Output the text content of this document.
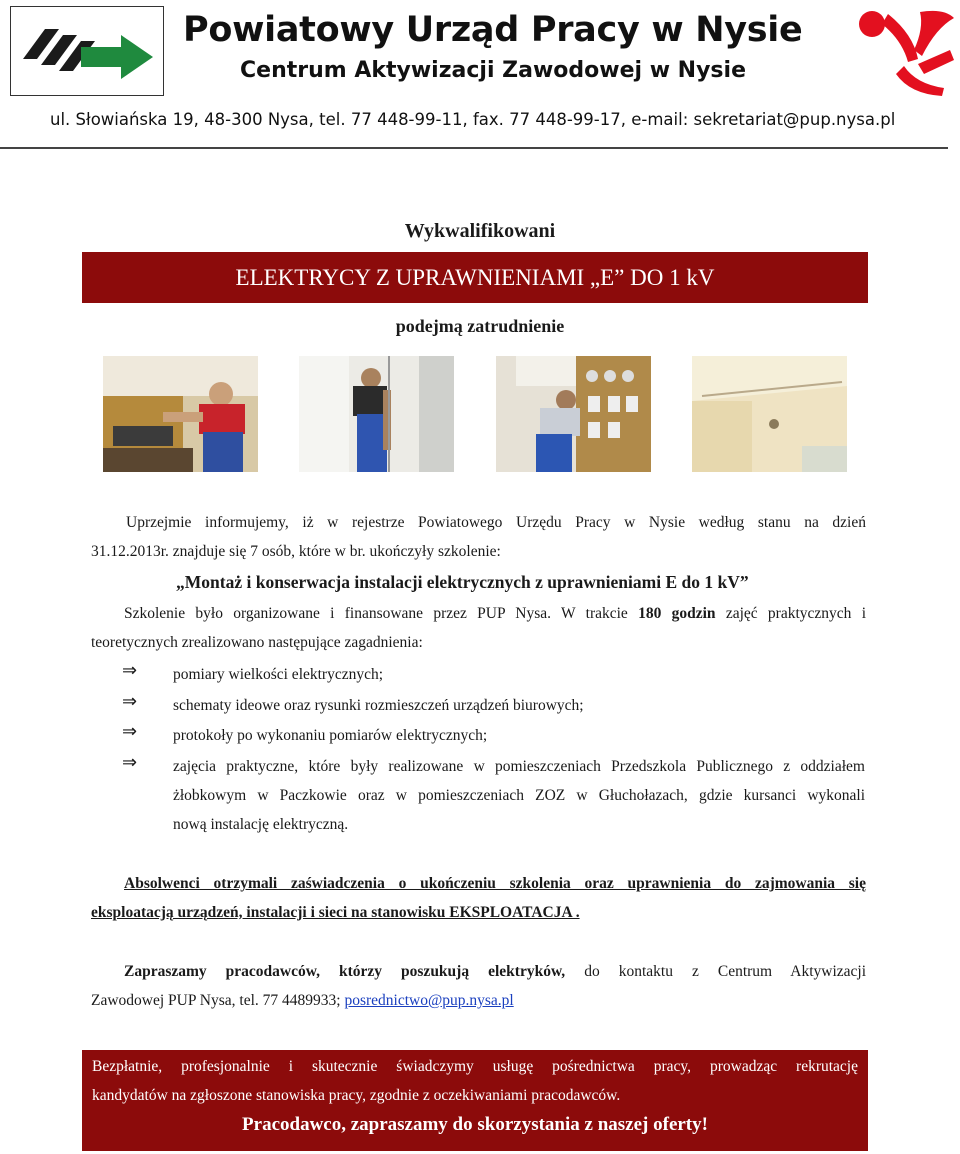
Powiatowy Urząd Pracy w Nysie
Centrum Aktywizacji Zawodowej w Nysie
ul. Słowiańska 19, 48-300 Nysa, tel. 77 448-99-11, fax. 77 448-99-17, e-mail: sekretariat@pup.nysa.pl
Wykwalifikowani
ELEKTRYCY Z UPRAWNIENIAMI „E” DO 1 kV
podejmą zatrudnienie
Uprzejmie informujemy, iż w rejestrze Powiatowego Urzędu Pracy w Nysie według stanu na dzień
31.12.2013r. znajduje się 7 osób, które w br. ukończyły szkolenie:
„Montaż i konserwacja instalacji elektrycznych z uprawnieniami E do 1 kV”
Szkolenie było organizowane i finansowane przez PUP Nysa. W trakcie 180 godzin zajęć praktycznych i
teoretycznych zrealizowano następujące zagadnienia:
⇒ pomiary wielkości elektrycznych;
⇒ schematy ideowe oraz rysunki rozmieszczeń urządzeń biurowych;
⇒ protokoły po wykonaniu pomiarów elektrycznych;
⇒ zajęcia praktyczne, które były realizowane w pomieszczeniach Przedszkola Publicznego z oddziałem
żłobkowym w Paczkowie oraz w pomieszczeniach ZOZ w Głuchołazach, gdzie kursanci wykonali
nową instalację elektryczną.
Absolwenci otrzymali zaświadczenia o ukończeniu szkolenia oraz uprawnienia do zajmowania się
eksploatacją urządzeń, instalacji i sieci na stanowisku EKSPLOATACJA .
Zapraszamy pracodawców, którzy poszukują elektryków, do kontaktu z Centrum Aktywizacji
Zawodowej PUP Nysa, tel. 77 4489933; posrednictwo@pup.nysa.pl
Bezpłatnie, profesjonalnie i skutecznie świadczymy usługę pośrednictwa pracy, prowadząc rekrutację
kandydatów na zgłoszone stanowiska pracy, zgodnie z oczekiwaniami pracodawców.
Pracodawco, zapraszamy do skorzystania z naszej oferty!
